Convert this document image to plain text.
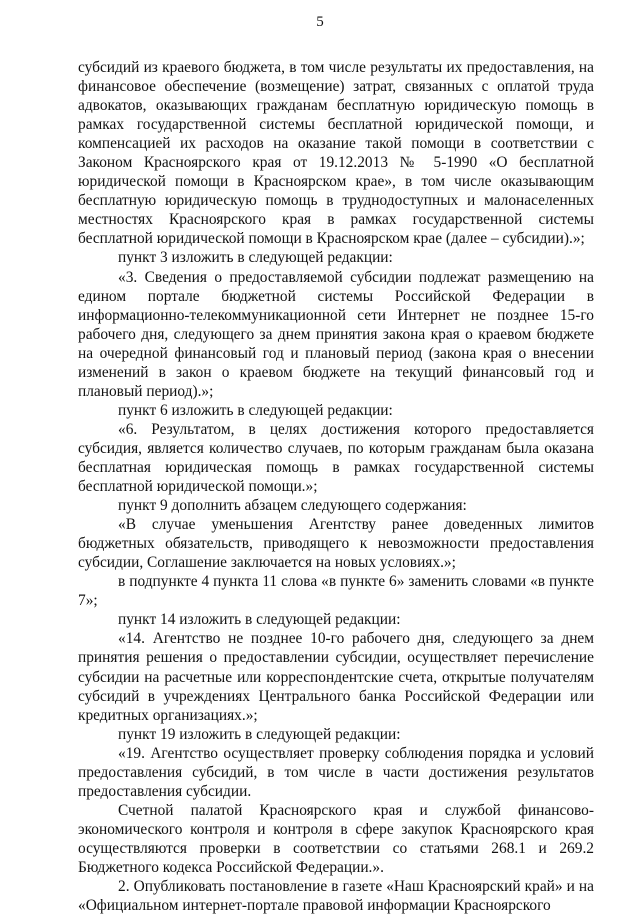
5

субсидий из краевого бюджета, в том числе результаты их предоставления, на финансовое обеспечение (возмещение) затрат, связанных с оплатой труда адвокатов, оказывающих гражданам бесплатную юридическую помощь в рамках государственной системы бесплатной юридической помощи, и компенсацией их расходов на оказание такой помощи в соответствии с Законом Красноярского края от 19.12.2013 № 5-1990 «О бесплатной юридической помощи в Красноярском крае», в том числе оказывающим бесплатную юридическую помощь в труднодоступных и малонаселенных местностях Красноярского края в рамках государственной системы бесплатной юридической помощи в Красноярском крае (далее – субсидии).»;

пункт 3 изложить в следующей редакции:

«3. Сведения о предоставляемой субсидии подлежат размещению на едином портале бюджетной системы Российской Федерации в информационно-телекоммуникационной сети Интернет не позднее 15-го рабочего дня, следующего за днем принятия закона края о краевом бюджете на очередной финансовый год и плановый период (закона края о внесении изменений в закон о краевом бюджете на текущий финансовый год и плановый период).»;

пункт 6 изложить в следующей редакции:

«6. Результатом, в целях достижения которого предоставляется субсидия, является количество случаев, по которым гражданам была оказана бесплатная юридическая помощь в рамках государственной системы бесплатной юридической помощи.»;

пункт 9 дополнить абзацем следующего содержания:

«В случае уменьшения Агентству ранее доведенных лимитов бюджетных обязательств, приводящего к невозможности предоставления субсидии, Соглашение заключается на новых условиях.»;

в подпункте 4 пункта 11 слова «в пункте 6» заменить словами «в пункте 7»;

пункт 14 изложить в следующей редакции:

«14. Агентство не позднее 10-го рабочего дня, следующего за днем принятия решения о предоставлении субсидии, осуществляет перечисление субсидии на расчетные или корреспондентские счета, открытые получателям субсидий в учреждениях Центрального банка Российской Федерации или кредитных организациях.»;

пункт 19 изложить в следующей редакции:

«19. Агентство осуществляет проверку соблюдения порядка и условий предоставления субсидий, в том числе в части достижения результатов предоставления субсидии.

Счетной палатой Красноярского края и службой финансово-экономического контроля и контроля в сфере закупок Красноярского края осуществляются проверки в соответствии со статьями 268.1 и 269.2 Бюджетного кодекса Российской Федерации.».

2. Опубликовать постановление в газете «Наш Красноярский край» и на «Официальном интернет-портале правовой информации Красноярского
